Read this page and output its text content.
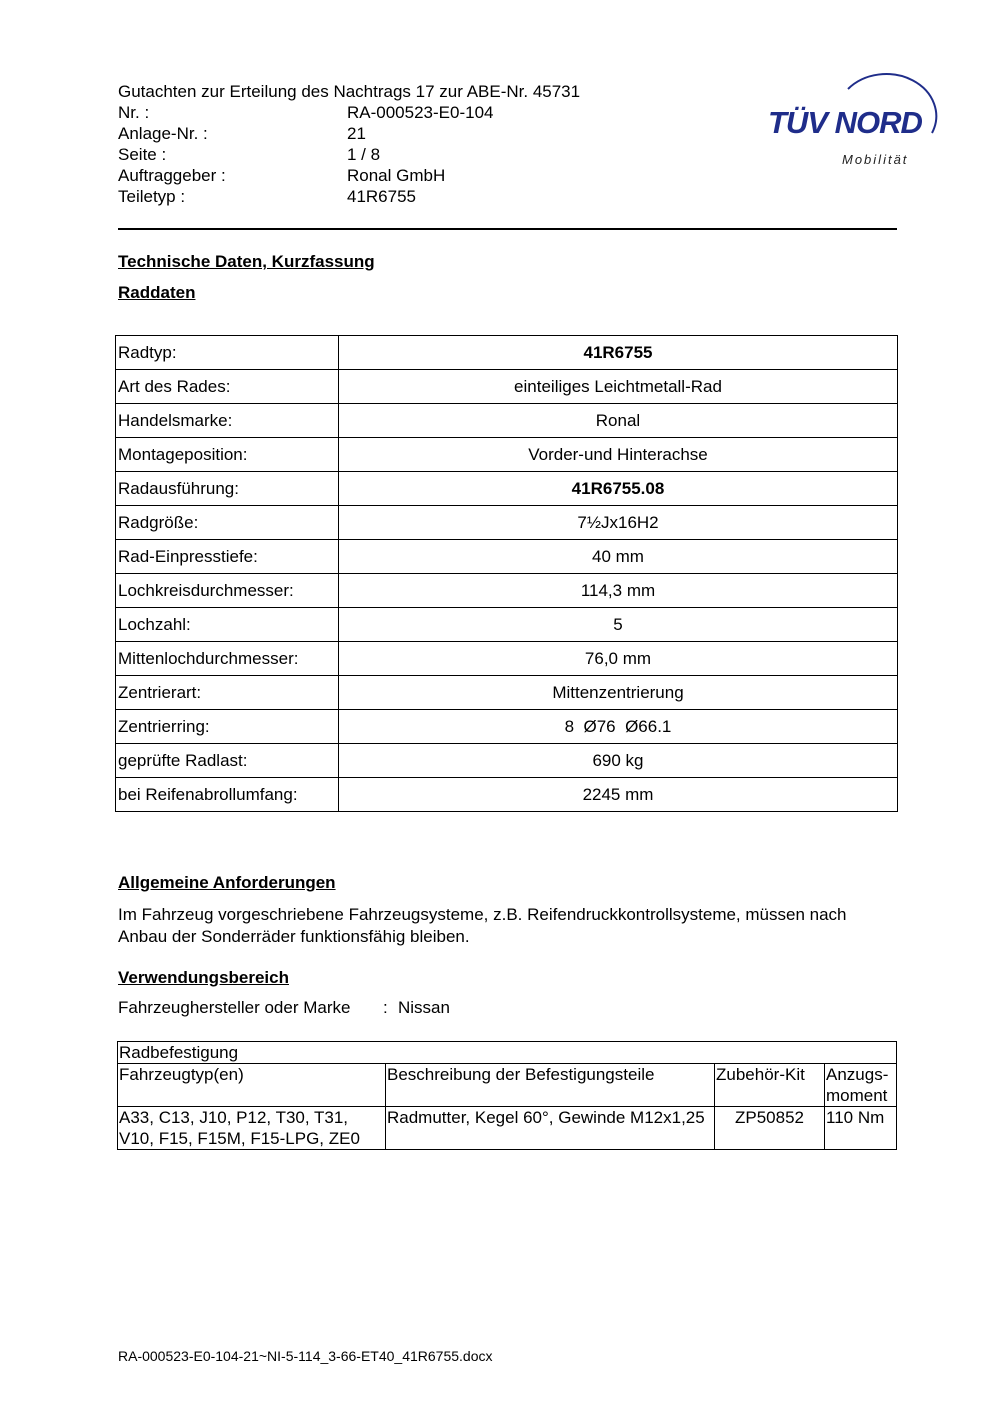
Gutachten zur Erteilung des Nachtrags 17 zur ABE-Nr. 45731
Nr. :	RA-000523-E0-104
Anlage-Nr. :	21
Seite :	1 / 8
Auftraggeber :	Ronal GmbH
Teiletyp :	41R6755
TÜV NORD
Mobilität
Technische Daten, Kurzfassung
Raddaten
Radtyp:	41R6755
Art des Rades:	einteiliges Leichtmetall-Rad
Handelsmarke:	Ronal
Montageposition:	Vorder-und Hinterachse
Radausführung:	41R6755.08
Radgröße:	7½Jx16H2
Rad-Einpresstiefe:	40 mm
Lochkreisdurchmesser:	114,3 mm
Lochzahl:	5
Mittenlochdurchmesser:	76,0 mm
Zentrierart:	Mittenzentrierung
Zentrierring:	8  Ø76  Ø66.1
geprüfte Radlast:	690 kg
bei Reifenabrollumfang:	2245 mm
Allgemeine Anforderungen
Im Fahrzeug vorgeschriebene Fahrzeugsysteme, z.B. Reifendruckkontrollsysteme, müssen nach Anbau der Sonderräder funktionsfähig bleiben.
Verwendungsbereich
Fahrzeughersteller oder Marke : Nissan
Radbefestigung			
Fahrzeugtyp(en)	Beschreibung der Befestigungsteile	Zubehör-Kit	Anzugs-moment
A33, C13, J10, P12, T30, T31, V10, F15, F15M, F15-LPG, ZE0	Radmutter, Kegel 60°, Gewinde M12x1,25	ZP50852	110 Nm
RA-000523-E0-104-21~NI-5-114_3-66-ET40_41R6755.docx
